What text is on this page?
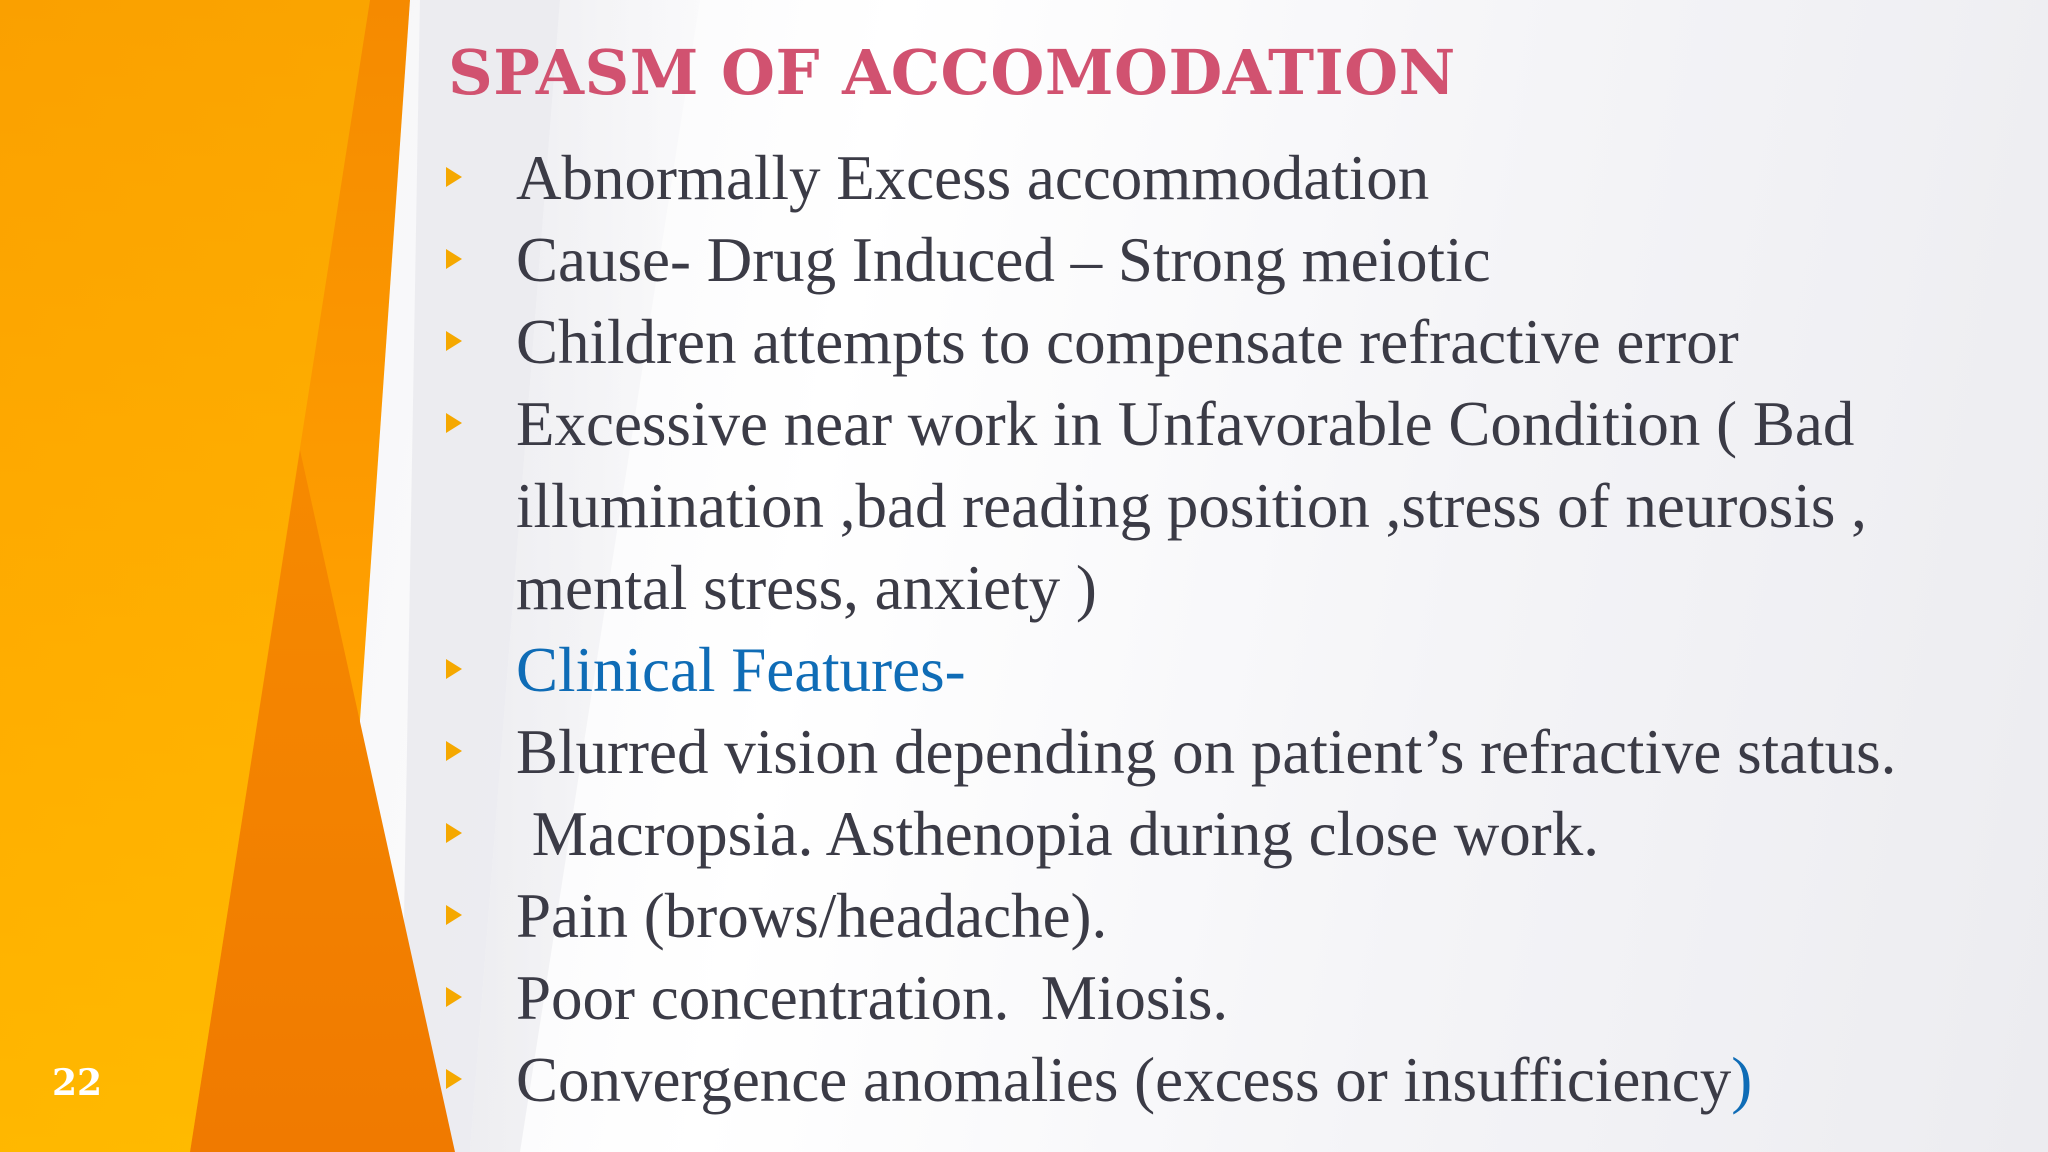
SPASM OF ACCOMODATION
Abnormally Excess accommodation
Cause- Drug Induced – Strong meiotic
Children attempts to compensate refractive error
Excessive near work in Unfavorable Condition ( Bad illumination ,bad reading position ,stress of neurosis , mental stress, anxiety )
Clinical Features-
Blurred vision depending on patient’s refractive status.
Macropsia. Asthenopia during close work.
Pain (brows/headache).
Poor concentration.  Miosis.
Convergence anomalies (excess or insufficiency)
22
